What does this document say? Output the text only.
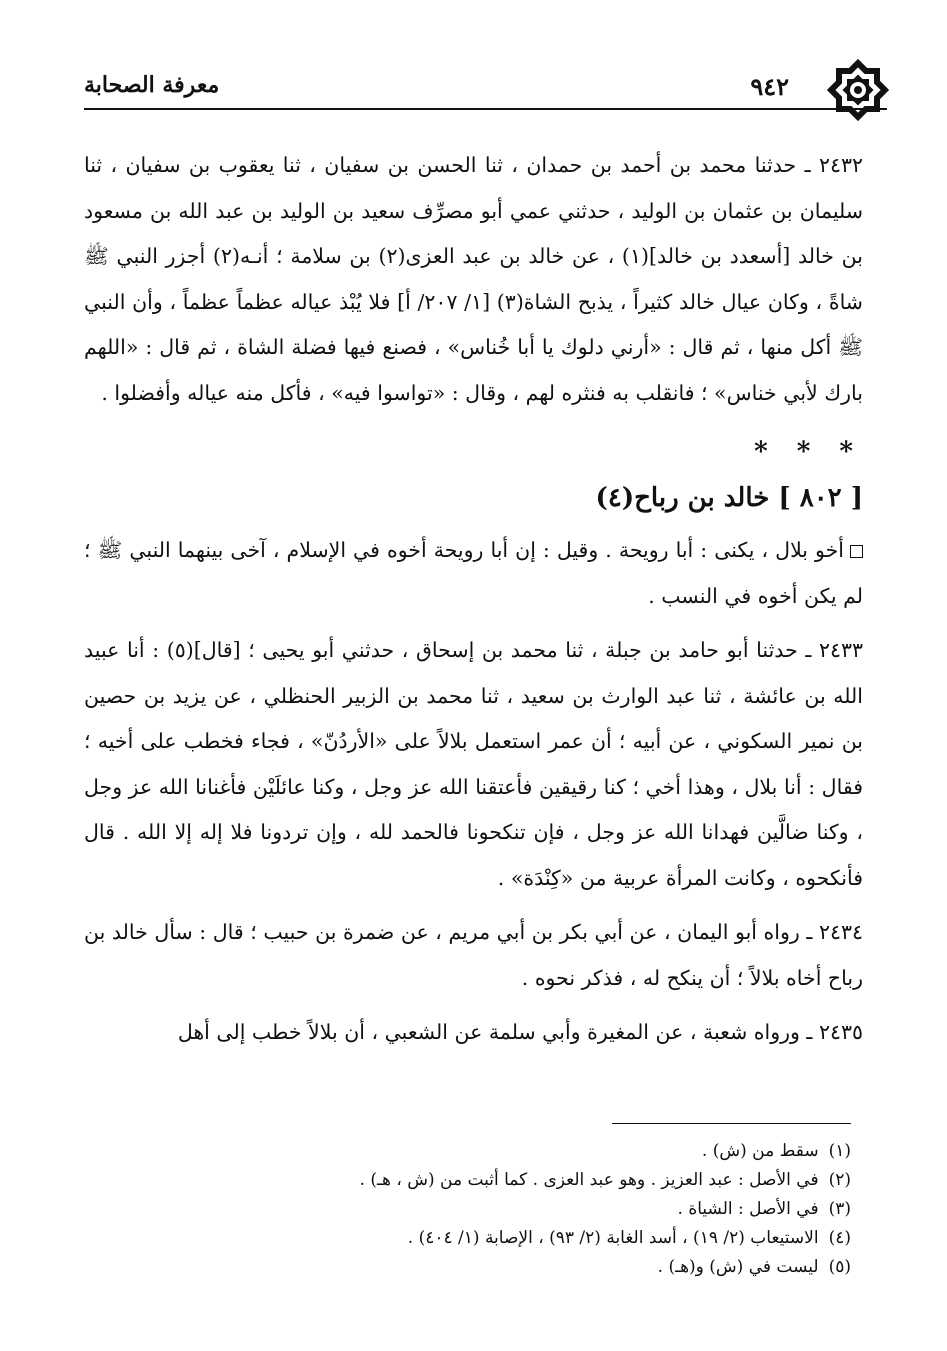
٩٤٢
معرفة الصحابة

٢٤٣٢ ـ حدثنا محمد بن أحمد بن حمدان ، ثنا الحسن بن سفيان ، ثنا يعقوب بن سفيان ، ثنا سليمان بن عثمان بن الوليد ، حدثني عمي أبو مصرِّف سعيد بن الوليد بن عبد الله بن مسعود بن خالد [أسعدد بن خالد](١) ، عن خالد بن عبد العزى(٢) بن سلامة ؛ أنـه(٢) أجزر النبي ﷺ شاةً ، وكان عيال خالد كثيراً ، يذبح الشاة(٣) [١/ ٢٠٧/ أ] فلا يُبْذ عياله عظماً عظماً ، وأن النبي ﷺ أكل منها ، ثم قال : «أرني دلوك يا أبا خُناس» ، فصنع فيها فضلة الشاة ، ثم قال : «اللهم بارك لأبي خناس» ؛ فانقلب به فنثره لهم ، وقال : «تواسوا فيه» ، فأكل منه عياله وأفضلوا .

* * *
[ ٨٠٢ ] خالد بن رباح(٤)

أخو بلال ، يكنى : أبا رويحة . وقيل : إن أبا رويحة أخوه في الإسلام ، آخى بينهما النبي ﷺ ؛ لم يكن أخوه في النسب .

٢٤٣٣ ـ حدثنا أبو حامد بن جبلة ، ثنا محمد بن إسحاق ، حدثني أبو يحيى ؛ [قال](٥) : أنا عبيد الله بن عائشة ، ثنا عبد الوارث بن سعيد ، ثنا محمد بن الزبير الحنظلي ، عن يزيد بن حصين بن نمير السكوني ، عن أبيه ؛ أن عمر استعمل بلالاً على «الأردُنّ» ، فجاء فخطب على أخيه ؛ فقال : أنا بلال ، وهذا أخي ؛ كنا رقيقين فأعتقنا الله عز وجل ، وكنا عائلَيْن فأغنانا الله عز وجل ، وكنا ضالَّين فهدانا الله عز وجل ، فإن تنكحونا فالحمد لله ، وإن تردونا فلا إله إلا الله . قال فأنكحوه ، وكانت المرأة عربية من «كِنْدَة» .

٢٤٣٤ ـ رواه أبو اليمان ، عن أبي بكر بن أبي مريم ، عن ضمرة بن حبيب ؛ قال : سأل خالد بن رباح أخاه بلالاً ؛ أن ينكح له ، فذكر نحوه .

٢٤٣٥ ـ ورواه شعبة ، عن المغيرة وأبي سلمة عن الشعبي ، أن بلالاً خطب إلى أهل

(١)سقط من (ش) .
(٢)في الأصل : عبد العزيز . وهو عبد العزى . كما أثبت من (ش ، هـ) .
(٣)في الأصل : الشياة .
(٤)الاستيعاب (٢/ ١٩) ، أسد الغابة (٢/ ٩٣) ، الإصابة (١/ ٤٠٤) .
(٥)ليست في (ش) و(هـ) .
